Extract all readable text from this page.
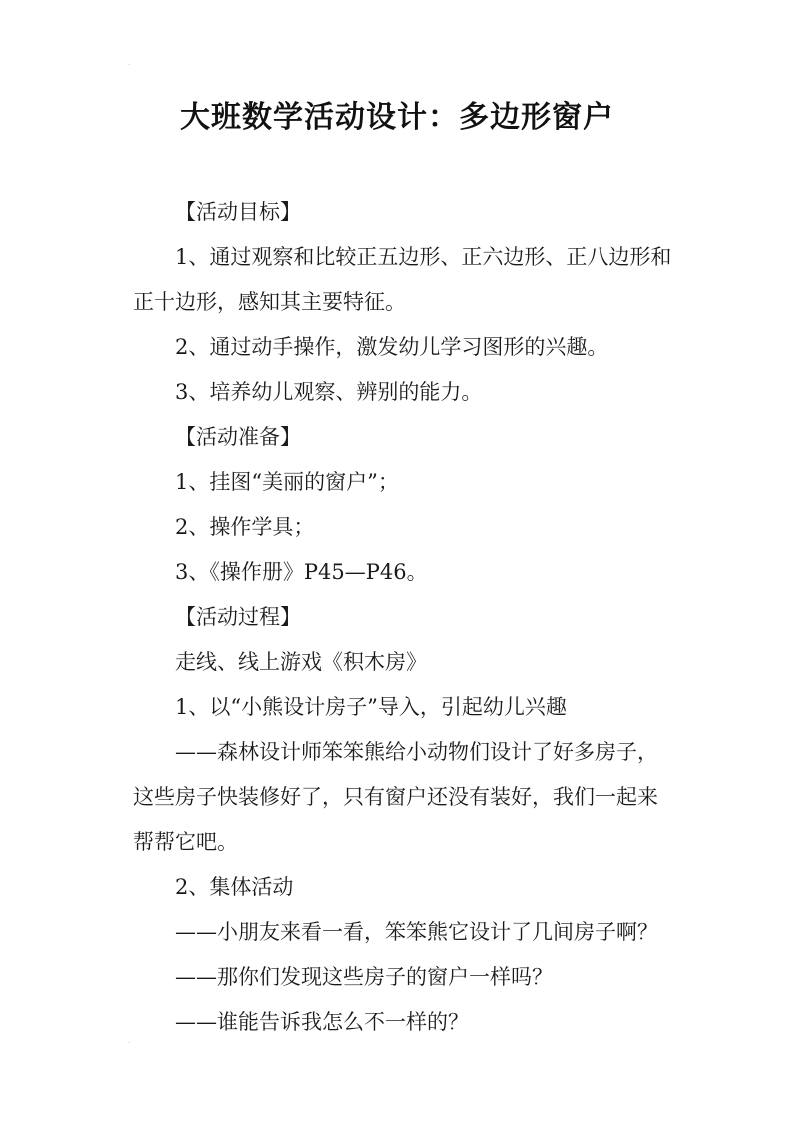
.
.
大班数学活动设计：多边形窗户

【活动目标】

1、通过观察和比较正五边形、正六边形、正八边形和正十边形，感知其主要特征。

2、通过动手操作，激发幼儿学习图形的兴趣。

3、培养幼儿观察、辨别的能力。

【活动准备】

1、挂图“美丽的窗户”；

2、操作学具；

3、《操作册》P45—P46。

【活动过程】

走线、线上游戏《积木房》

1、以“小熊设计房子”导入，引起幼儿兴趣

——森林设计师笨笨熊给小动物们设计了好多房子，这些房子快装修好了，只有窗户还没有装好，我们一起来帮帮它吧。

2、集体活动

——小朋友来看一看，笨笨熊它设计了几间房子啊？

——那你们发现这些房子的窗户一样吗？

——谁能告诉我怎么不一样的？
